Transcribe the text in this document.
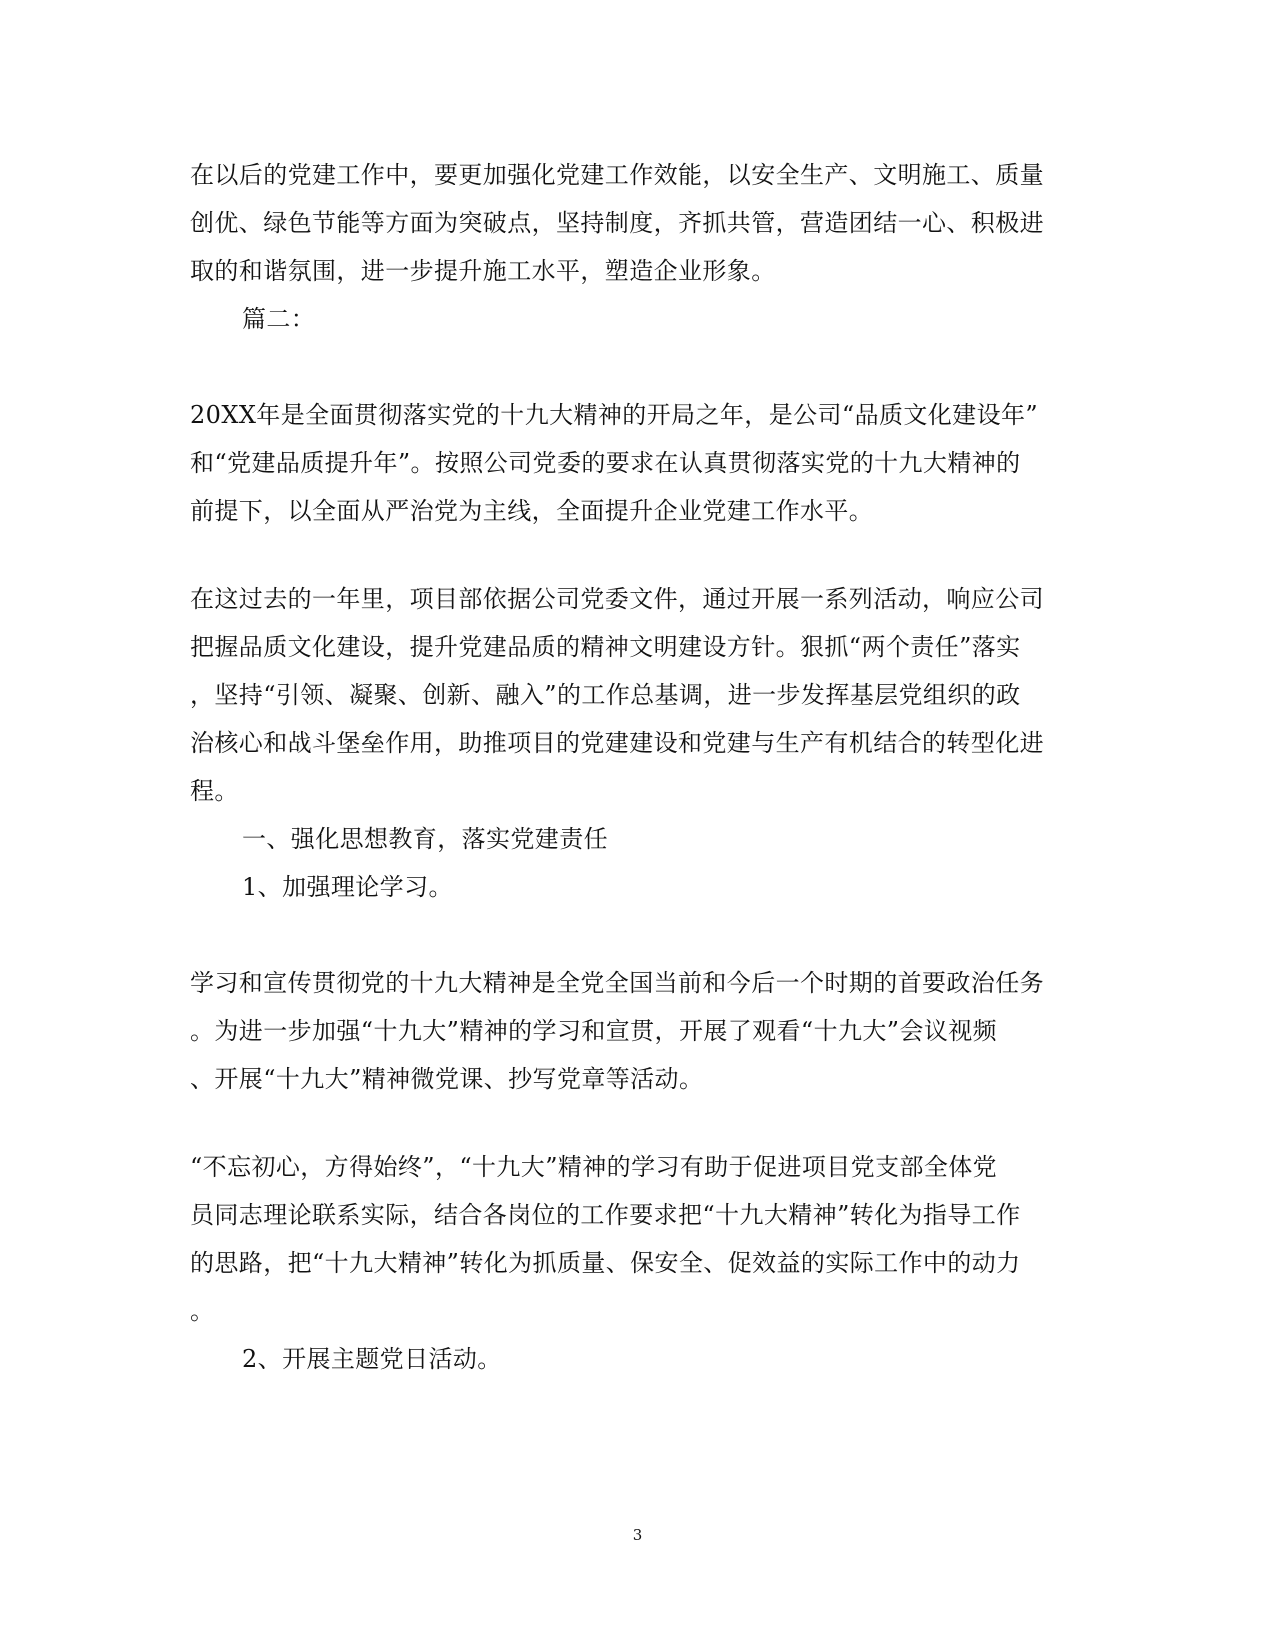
在以后的党建工作中，要更加强化党建工作效能，以安全生产、文明施工、质量
创优、绿色节能等方面为突破点，坚持制度，齐抓共管，营造团结一心、积极进
取的和谐氛围，进一步提升施工水平，塑造企业形象。
篇二：
20XX年是全面贯彻落实党的十九大精神的开局之年，是公司“品质文化建设年”
和“党建品质提升年”。按照公司党委的要求在认真贯彻落实党的十九大精神的
前提下，以全面从严治党为主线，全面提升企业党建工作水平。
在这过去的一年里，项目部依据公司党委文件，通过开展一系列活动，响应公司
把握品质文化建设，提升党建品质的精神文明建设方针。狠抓“两个责任”落实
，坚持“引领、凝聚、创新、融入”的工作总基调，进一步发挥基层党组织的政
治核心和战斗堡垒作用，助推项目的党建建设和党建与生产有机结合的转型化进
程。
一、强化思想教育，落实党建责任
1、加强理论学习。
学习和宣传贯彻党的十九大精神是全党全国当前和今后一个时期的首要政治任务
。为进一步加强“十九大”精神的学习和宣贯，开展了观看“十九大”会议视频
、开展“十九大”精神微党课、抄写党章等活动。
“不忘初心，方得始终”，“十九大”精神的学习有助于促进项目党支部全体党
员同志理论联系实际，结合各岗位的工作要求把“十九大精神”转化为指导工作
的思路，把“十九大精神”转化为抓质量、保安全、促效益的实际工作中的动力
。
2、开展主题党日活动。
3
